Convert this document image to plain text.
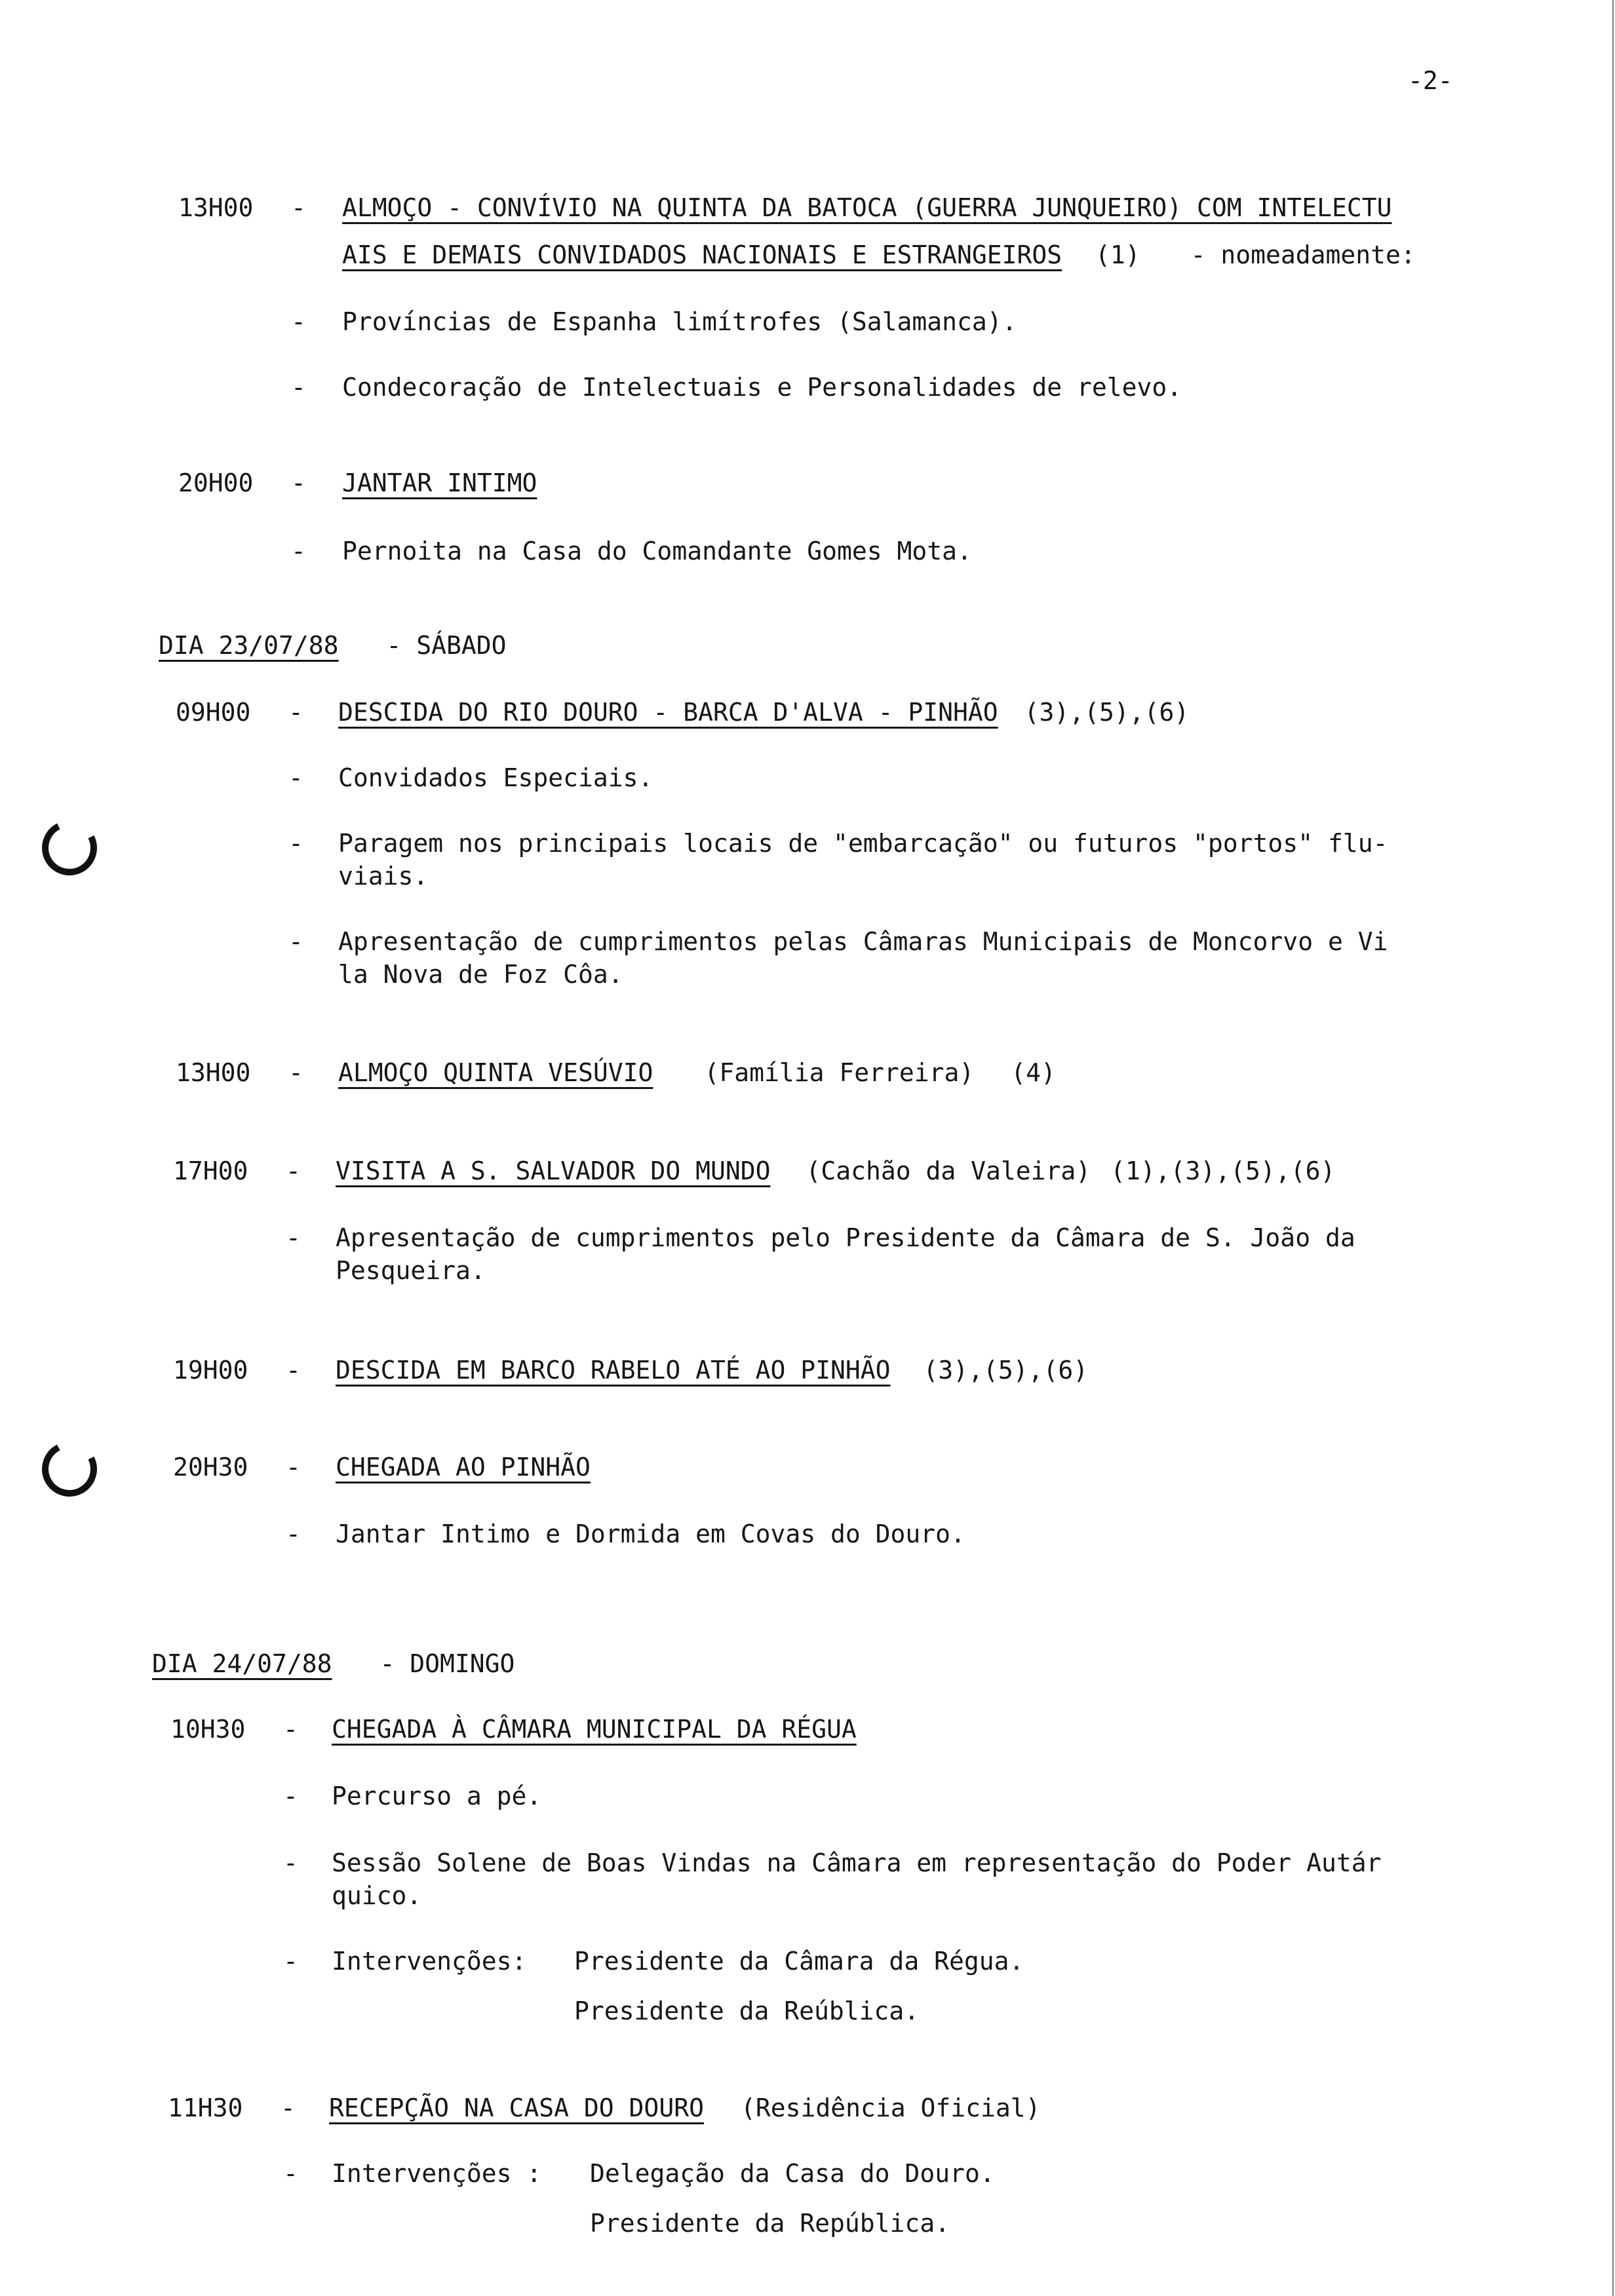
-2-
13H00 - ALMOÇO - CONVÍVIO NA QUINTA DA BATOCA (GUERRA JUNQUEIRO) COM INTELECTU
AIS E DEMAIS CONVIDADOS NACIONAIS E ESTRANGEIROS (1) - nomeadamente:
- Províncias de Espanha limítrofes (Salamanca).
- Condecoração de Intelectuais e Personalidades de relevo.
20H00 - JANTAR INTIMO
- Pernoita na Casa do Comandante Gomes Mota.
DIA 23/07/88 - SÁBADO
09H00 - DESCIDA DO RIO DOURO - BARCA D'ALVA - PINHÃO (3),(5),(6)
- Convidados Especiais.
- Paragem nos principais locais de "embarcação" ou futuros "portos" flu-
viais.
- Apresentação de cumprimentos pelas Câmaras Municipais de Moncorvo e Vi
la Nova de Foz Côa.
13H00 - ALMOÇO QUINTA VESÚVIO (Família Ferreira) (4)
17H00 - VISITA A S. SALVADOR DO MUNDO (Cachão da Valeira) (1),(3),(5),(6)
- Apresentação de cumprimentos pelo Presidente da Câmara de S. João da
Pesqueira.
19H00 - DESCIDA EM BARCO RABELO ATÉ AO PINHÃO (3),(5),(6)
20H30 - CHEGADA AO PINHÃO
- Jantar Intimo e Dormida em Covas do Douro.
DIA 24/07/88 - DOMINGO
10H30 - CHEGADA À CÂMARA MUNICIPAL DA RÉGUA
- Percurso a pé.
- Sessão Solene de Boas Vindas na Câmara em representação do Poder Autár
quico.
- Intervenções: Presidente da Câmara da Régua.
Presidente da Reública.
11H30 - RECEPÇÃO NA CASA DO DOURO (Residência Oficial)
- Intervenções : Delegação da Casa do Douro.
Presidente da República.
